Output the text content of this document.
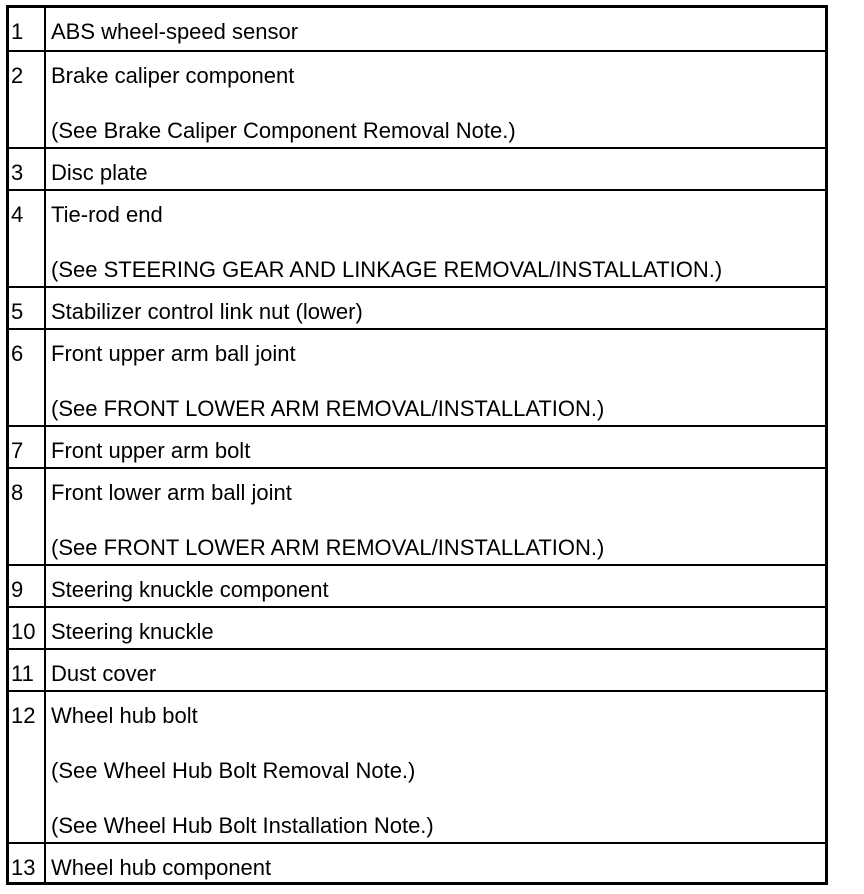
1	ABS wheel-speed sensor
2	Brake caliper component
(See Brake Caliper Component Removal Note.)
3	Disc plate
4	Tie-rod end
(See STEERING GEAR AND LINKAGE REMOVAL/INSTALLATION.)
5	Stabilizer control link nut (lower)
6	Front upper arm ball joint
(See FRONT LOWER ARM REMOVAL/INSTALLATION.)
7	Front upper arm bolt
8	Front lower arm ball joint
(See FRONT LOWER ARM REMOVAL/INSTALLATION.)
9	Steering knuckle component
10 Steering knuckle
11 Dust cover
12 Wheel hub bolt
(See Wheel Hub Bolt Removal Note.)
(See Wheel Hub Bolt Installation Note.)
13 Wheel hub component
